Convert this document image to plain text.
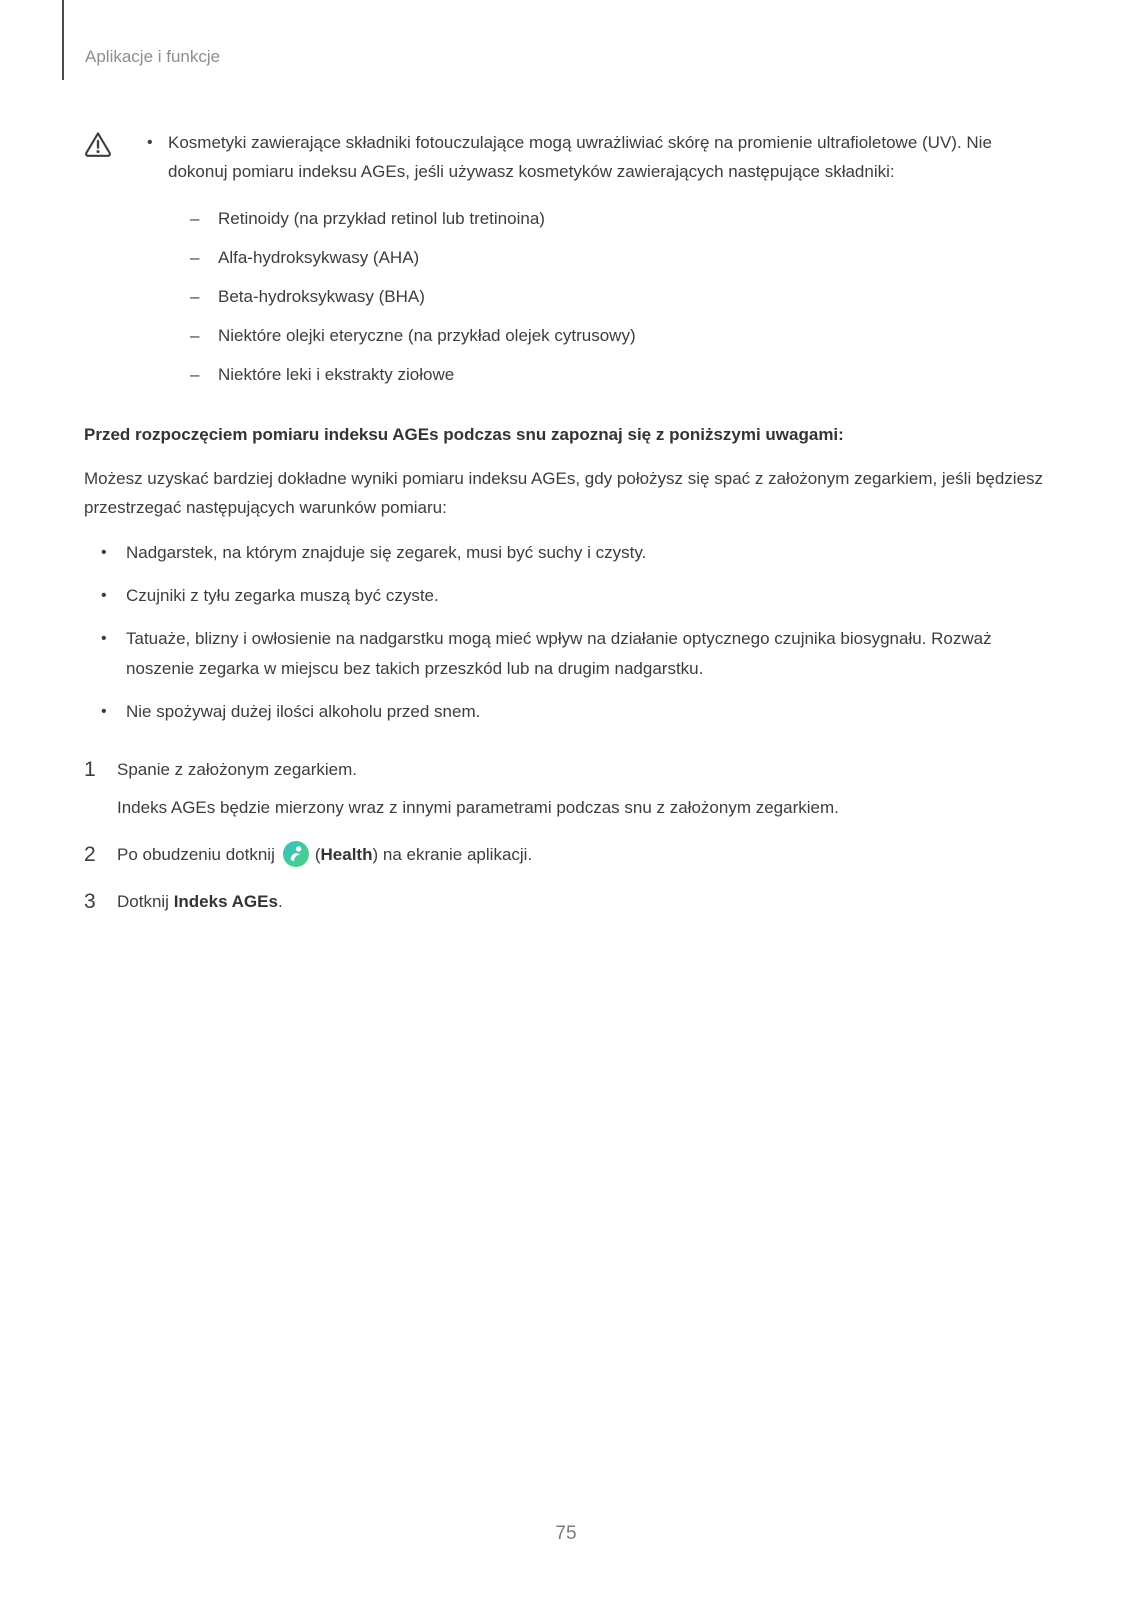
Aplikacje i funkcje

• Kosmetyki zawierające składniki fotouczulające mogą uwrażliwiać skórę na promienie ultrafioletowe (UV). Nie dokonuj pomiaru indeksu AGEs, jeśli używasz kosmetyków zawierających następujące składniki:

– Retinoidy (na przykład retinol lub tretinoina)
– Alfa-hydroksykwasy (AHA)
– Beta-hydroksykwasy (BHA)
– Niektóre olejki eteryczne (na przykład olejek cytrusowy)
– Niektóre leki i ekstrakty ziołowe

Przed rozpoczęciem pomiaru indeksu AGEs podczas snu zapoznaj się z poniższymi uwagami:

Możesz uzyskać bardziej dokładne wyniki pomiaru indeksu AGEs, gdy położysz się spać z założonym zegarkiem, jeśli będziesz przestrzegać następujących warunków pomiaru:

• Nadgarstek, na którym znajduje się zegarek, musi być suchy i czysty.
• Czujniki z tyłu zegarka muszą być czyste.
• Tatuaże, blizny i owłosienie na nadgarstku mogą mieć wpływ na działanie optycznego czujnika biosygnału. Rozważ noszenie zegarka w miejscu bez takich przeszkód lub na drugim nadgarstku.
• Nie spożywaj dużej ilości alkoholu przed snem.
1	Spanie z założonym zegarkiem.

Indeks AGEs będzie mierzony wraz z innymi parametrami podczas snu z założonym zegarkiem.

2	Po obudzeniu dotknij (Health) na ekranie aplikacji.

3	Dotknij Indeks AGEs.

75
